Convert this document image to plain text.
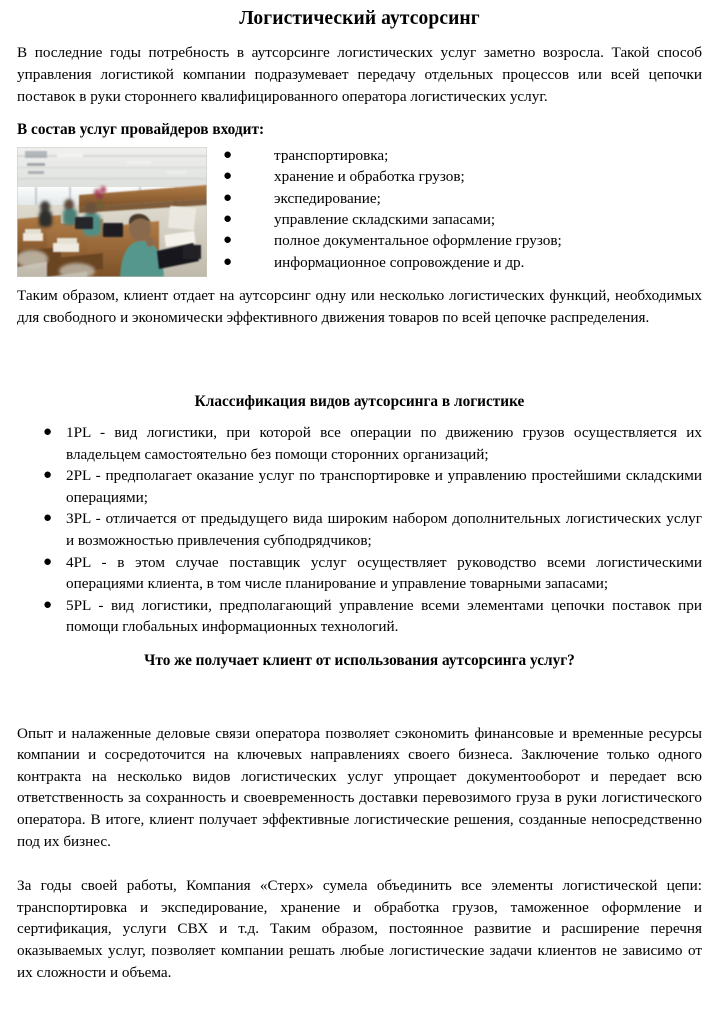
Логистический аутсорсинг

В последние годы потребность в аутсорсинге логистических услуг заметно возросла. Такой способ управления логистикой компании подразумевает передачу отдельных процессов или всей цепочки поставок в руки стороннего квалифицированного оператора логистических услуг.

В состав услуг провайдеров входит:
●	транспортировка;
●	хранение и обработка грузов;
●	экспедирование;
●	управление складскими запасами;
●	полное документальное оформление грузов;
●	информационное сопровождение и др.

Таким образом, клиент отдает на аутсорсинг одну или несколько логистических функций, необходимых для свободного и экономически эффективного движения товаров по всей цепочке распределения.

Классификация видов аутсорсинга в логистике
● 1PL - вид логистики, при которой все операции по движению грузов осуществляется их владельцем самостоятельно без помощи сторонних организаций;
● 2PL - предполагает оказание услуг по транспортировке и управлению простейшими складскими операциями;
● 3PL - отличается от предыдущего вида широким набором дополнительных логистических услуг и возможностью привлечения субподрядчиков;
● 4PL - в этом случае поставщик услуг осуществляет руководство всеми логистическими операциями клиента, в том числе планирование и управление товарными запасами;
● 5PL - вид логистики, предполагающий управление всеми элементами цепочки поставок при помощи глобальных информационных технологий.
Что же получает клиент от использования аутсорсинга услуг?

Опыт и налаженные деловые связи оператора позволяет сэкономить финансовые и временные ресурсы компании и сосредоточится на ключевых направлениях своего бизнеса. Заключение только одного контракта на несколько видов логистических услуг упрощает документооборот и передает всю ответственность за сохранность и своевременность доставки перевозимого груза в руки логистического оператора. В итоге, клиент получает эффективные логистические решения, созданные непосредственно под их бизнес.

За годы своей работы, Компания «Стерх» сумела объединить все элементы логистической цепи: транспортировка и экспедирование, хранение и обработка грузов, таможенное оформление и сертификация, услуги СВХ и т.д. Таким образом, постоянное развитие и расширение перечня оказываемых услуг, позволяет компании решать любые логистические задачи клиентов не зависимо от их сложности и объема.
